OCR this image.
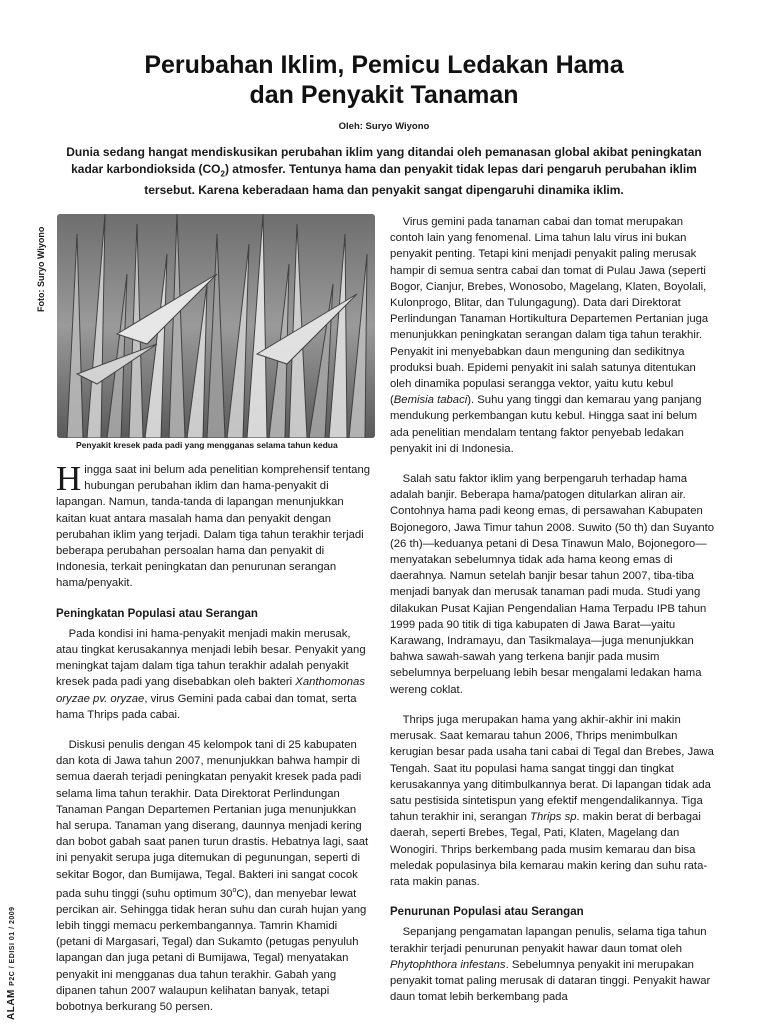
Perubahan Iklim, Pemicu Ledakan Hama
dan Penyakit Tanaman
Oleh: Suryo Wiyono
Dunia sedang hangat mendiskusikan perubahan iklim yang ditandai oleh pemanasan global akibat peningkatan kadar karbondioksida $(CO_2)$ atmosfer. Tentunya hama dan penyakit tidak lepas dari pengaruh perubahan iklim tersebut. Karena keberadaan hama dan penyakit sangat dipengaruhi dinamika iklim.
Foto: Suryo Wiyono
Penyakit kresek pada padi yang mengganas selama tahun kedua

Hingga saat ini belum ada penelitian komprehensif tentang hubungan perubahan iklim dan hama-penyakit di lapangan. Namun, tanda-tanda di lapangan menunjukkan kaitan kuat antara masalah hama dan penyakit dengan perubahan iklim yang terjadi. Dalam tiga tahun terakhir terjadi beberapa perubahan persoalan hama dan penyakit di Indonesia, terkait peningkatan dan penurunan serangan hama/penyakit.

Peningkatan Populasi atau Serangan

Pada kondisi ini hama-penyakit menjadi makin merusak, atau tingkat kerusakannya menjadi lebih besar. Penyakit yang meningkat tajam dalam tiga tahun terakhir adalah penyakit kresek pada padi yang disebabkan oleh bakteri Xanthomonas oryzae pv. oryzae, virus Gemini pada cabai dan tomat, serta hama Thrips pada cabai.

Diskusi penulis dengan 45 kelompok tani di 25 kabupaten dan kota di Jawa tahun 2007, menunjukkan bahwa hampir di semua daerah terjadi peningkatan penyakit kresek pada padi selama lima tahun terakhir. Data Direktorat Perlindungan Tanaman Pangan Departemen Pertanian juga menunjukkan hal serupa. Tanaman yang diserang, daunnya menjadi kering dan bobot gabah saat panen turun drastis. Hebatnya lagi, saat ini penyakit serupa juga ditemukan di pegunungan, seperti di sekitar Bogor, dan Bumijawa, Tegal. Bakteri ini sangat cocok pada suhu tinggi (suhu optimum 30$^o$C), dan menyebar lewat percikan air. Sehingga tidak heran suhu dan curah hujan yang lebih tinggi memacu perkembangannya. Tamrin Khamidi (petani di Margasari, Tegal) dan Sukamto (petugas penyuluh lapangan dan juga petani di Bumijawa, Tegal) menyatakan penyakit ini mengganas dua tahun terakhir. Gabah yang dipanen tahun 2007 walaupun kelihatan banyak, tetapi bobotnya berkurang 50 persen.

Virus gemini pada tanaman cabai dan tomat merupakan contoh lain yang fenomenal. Lima tahun lalu virus ini bukan penyakit penting. Tetapi kini menjadi penyakit paling merusak hampir di semua sentra cabai dan tomat di Pulau Jawa (seperti Bogor, Cianjur, Brebes, Wonosobo, Magelang, Klaten, Boyolali, Kulonprogo, Blitar, dan Tulungagung). Data dari Direktorat Perlindungan Tanaman Hortikultura Departemen Pertanian juga menunjukkan peningkatan serangan dalam tiga tahun terakhir. Penyakit ini menyebabkan daun menguning dan sedikitnya produksi buah. Epidemi penyakit ini salah satunya ditentukan oleh dinamika populasi serangga vektor, yaitu kutu kebul (Bemisia tabaci). Suhu yang tinggi dan kemarau yang panjang mendukung perkembangan kutu kebul. Hingga saat ini belum ada penelitian mendalam tentang faktor penyebab ledakan penyakit ini di Indonesia.

Salah satu faktor iklim yang berpengaruh terhadap hama adalah banjir. Beberapa hama/patogen ditularkan aliran air. Contohnya hama padi keong emas, di persawahan Kabupaten Bojonegoro, Jawa Timur tahun 2008. Suwito (50 th) dan Suyanto (26 th)—keduanya petani di Desa Tinawun Malo, Bojonegoro—menyatakan sebelumnya tidak ada hama keong emas di daerahnya. Namun setelah banjir besar tahun 2007, tiba-tiba menjadi banyak dan merusak tanaman padi muda. Studi yang dilakukan Pusat Kajian Pengendalian Hama Terpadu IPB tahun 1999 pada 90 titik di tiga kabupaten di Jawa Barat—yaitu Karawang, Indramayu, dan Tasikmalaya—juga menunjukkan bahwa sawah-sawah yang terkena banjir pada musim sebelumnya berpeluang lebih besar mengalami ledakan hama wereng coklat.

Thrips juga merupakan hama yang akhir-akhir ini makin merusak. Saat kemarau tahun 2006, Thrips menimbulkan kerugian besar pada usaha tani cabai di Tegal dan Brebes, Jawa Tengah. Saat itu populasi hama sangat tinggi dan tingkat kerusakannya yang ditimbulkannya berat. Di lapangan tidak ada satu pestisida sintetispun yang efektif mengendalikannya. Tiga tahun terakhir ini, serangan Thrips sp. makin berat di berbagai daerah, seperti Brebes, Tegal, Pati, Klaten, Magelang dan Wonogiri. Thrips berkembang pada musim kemarau dan bisa meledak populasinya bila kemarau makin kering dan suhu rata-rata makin panas.

Penurunan Populasi atau Serangan

Sepanjang pengamatan lapangan penulis, selama tiga tahun terakhir terjadi penurunan penyakit hawar daun tomat oleh Phytophthora infestans. Sebelumnya penyakit ini merupakan penyakit tomat paling merusak di dataran tinggi. Penyakit hawar daun tomat lebih berkembang pada

ALAM P2C / EDISI 01 / 2009
